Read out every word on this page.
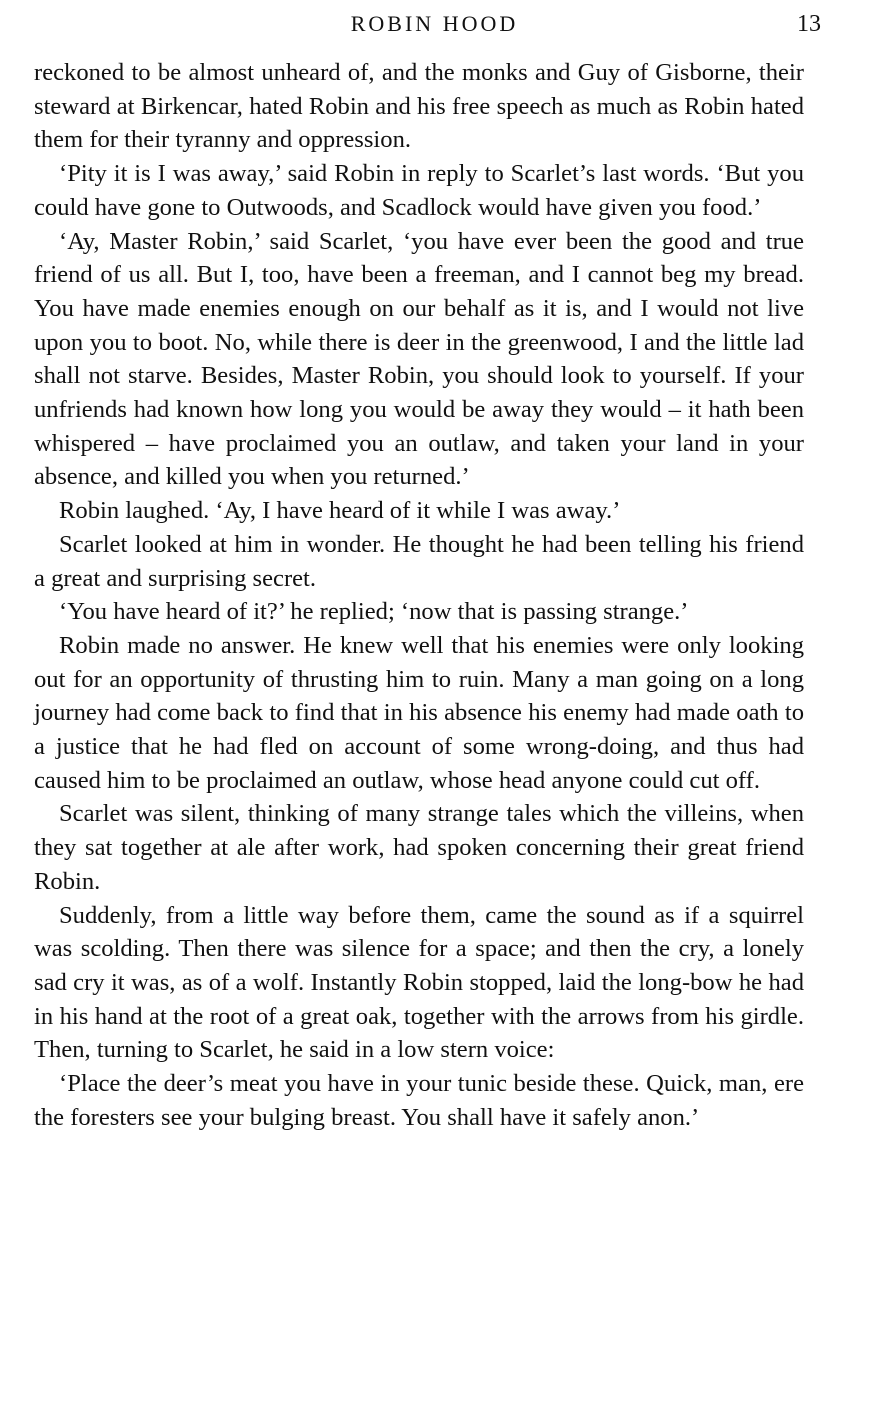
ROBIN HOOD	13

reckoned to be almost unheard of, and the monks and Guy of Gisborne, their steward at Birkencar, hated Robin and his free speech as much as Robin hated them for their tyranny and oppression.

‘Pity it is I was away,’ said Robin in reply to Scarlet’s last words. ‘But you could have gone to Outwoods, and Scadlock would have given you food.’

‘Ay, Master Robin,’ said Scarlet, ‘you have ever been the good and true friend of us all. But I, too, have been a freeman, and I cannot beg my bread. You have made enemies enough on our behalf as it is, and I would not live upon you to boot. No, while there is deer in the greenwood, I and the little lad shall not starve. Besides, Master Robin, you should look to yourself. If your unfriends had known how long you would be away they would – it hath been whispered – have proclaimed you an outlaw, and taken your land in your absence, and killed you when you returned.’

Robin laughed. ‘Ay, I have heard of it while I was away.’

Scarlet looked at him in wonder. He thought he had been telling his friend a great and surprising secret.

‘You have heard of it?’ he replied; ‘now that is passing strange.’

Robin made no answer. He knew well that his enemies were only looking out for an opportunity of thrusting him to ruin. Many a man going on a long journey had come back to find that in his absence his enemy had made oath to a justice that he had fled on account of some wrong-doing, and thus had caused him to be proclaimed an outlaw, whose head anyone could cut off.

Scarlet was silent, thinking of many strange tales which the villeins, when they sat together at ale after work, had spoken concerning their great friend Robin.

Suddenly, from a little way before them, came the sound as if a squirrel was scolding. Then there was silence for a space; and then the cry, a lonely sad cry it was, as of a wolf. Instantly Robin stopped, laid the long-bow he had in his hand at the root of a great oak, together with the arrows from his girdle. Then, turning to Scarlet, he said in a low stern voice:

‘Place the deer’s meat you have in your tunic beside these. Quick, man, ere the foresters see your bulging breast. You shall have it safely anon.’
